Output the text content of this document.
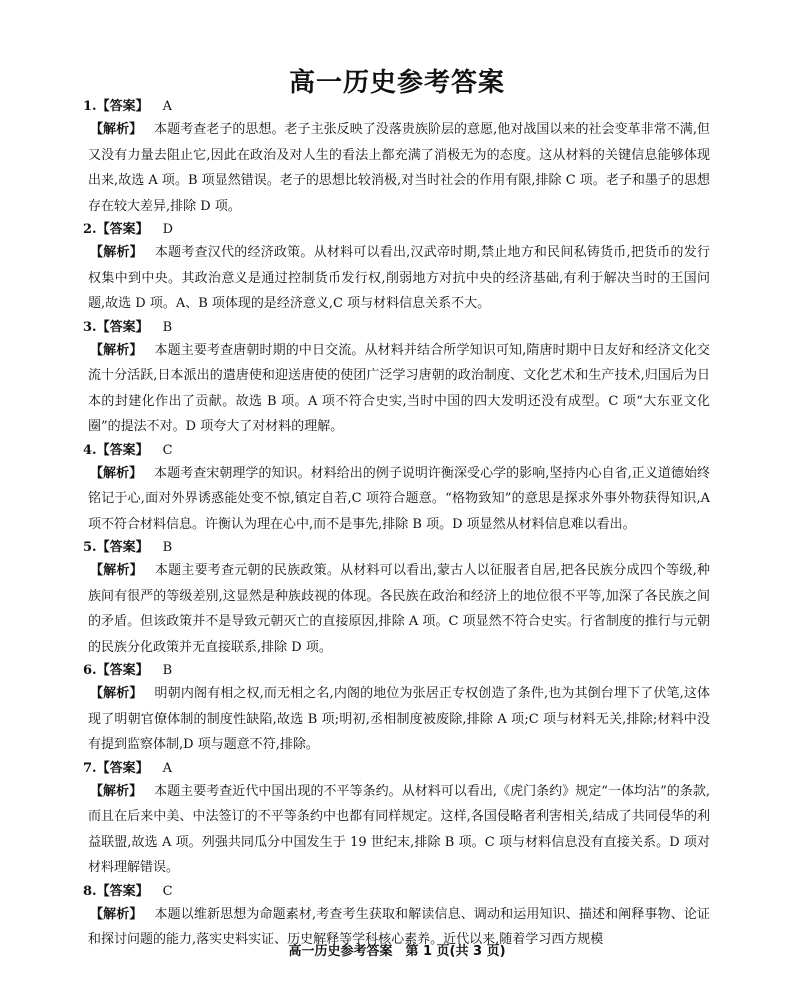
高一历史参考答案
1.【答案】 A
【解析】 本题考查老子的思想。老子主张反映了没落贵族阶层的意愿,他对战国以来的社会变革非常不满,但又没有力量去阻止它,因此在政治及对人生的看法上都充满了消极无为的态度。这从材料的关键信息能够体现出来,故选 A 项。B 项显然错误。老子的思想比较消极,对当时社会的作用有限,排除 C 项。老子和墨子的思想存在较大差异,排除 D 项。
2.【答案】 D
【解析】 本题考查汉代的经济政策。从材料可以看出,汉武帝时期,禁止地方和民间私铸货币,把货币的发行权集中到中央。其政治意义是通过控制货币发行权,削弱地方对抗中央的经济基础,有利于解决当时的王国问题,故选 D 项。A、B 项体现的是经济意义,C 项与材料信息关系不大。
3.【答案】 B
【解析】 本题主要考查唐朝时期的中日交流。从材料并结合所学知识可知,隋唐时期中日友好和经济文化交流十分活跃,日本派出的遣唐使和迎送唐使的使团广泛学习唐朝的政治制度、文化艺术和生产技术,归国后为日本的封建化作出了贡献。故选 B 项。A 项不符合史实,当时中国的四大发明还没有成型。C 项“大东亚文化圈”的提法不对。D 项夸大了对材料的理解。
4.【答案】 C
【解析】 本题考查宋朝理学的知识。材料给出的例子说明许衡深受心学的影响,坚持内心自省,正义道德始终铭记于心,面对外界诱惑能处变不惊,镇定自若,C 项符合题意。“格物致知”的意思是探求外事外物获得知识,A 项不符合材料信息。许衡认为理在心中,而不是事先,排除 B 项。D 项显然从材料信息难以看出。
5.【答案】 B
【解析】 本题主要考查元朝的民族政策。从材料可以看出,蒙古人以征服者自居,把各民族分成四个等级,种族间有很严的等级差别,这显然是种族歧视的体现。各民族在政治和经济上的地位很不平等,加深了各民族之间的矛盾。但该政策并不是导致元朝灭亡的直接原因,排除 A 项。C 项显然不符合史实。行省制度的推行与元朝的民族分化政策并无直接联系,排除 D 项。
6.【答案】 B
【解析】 明朝内阁有相之权,而无相之名,内阁的地位为张居正专权创造了条件,也为其倒台埋下了伏笔,这体现了明朝官僚体制的制度性缺陷,故选 B 项;明初,丞相制度被废除,排除 A 项;C 项与材料无关,排除;材料中没有提到监察体制,D 项与题意不符,排除。
7.【答案】 A
【解析】 本题主要考查近代中国出现的不平等条约。从材料可以看出,《虎门条约》规定“一体均沾”的条款,而且在后来中美、中法签订的不平等条约中也都有同样规定。这样,各国侵略者利害相关,结成了共同侵华的利益联盟,故选 A 项。列强共同瓜分中国发生于 19 世纪末,排除 B 项。C 项与材料信息没有直接关系。D 项对材料理解错误。
8.【答案】 C
【解析】 本题以维新思想为命题素材,考查考生获取和解读信息、调动和运用知识、描述和阐释事物、论证和探讨问题的能力,落实史料实证、历史解释等学科核心素养。近代以来,随着学习西方规模
高一历史参考答案　第 1 页(共 3 页)
